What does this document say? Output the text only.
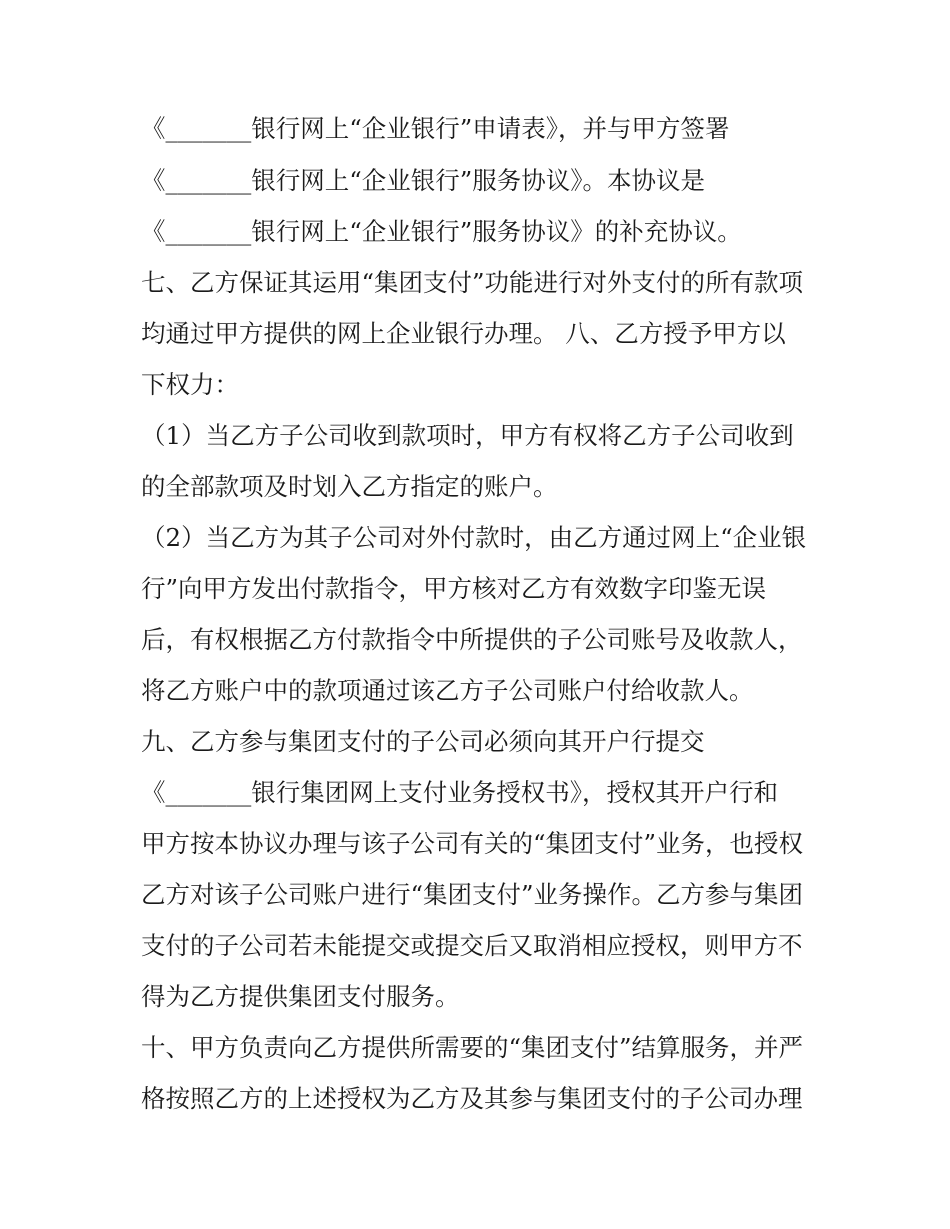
《_______银行网上“企业银行”申请表》，并与甲方签署
《_______银行网上“企业银行”服务协议》。本协议是
《_______银行网上“企业银行”服务协议》的补充协议。
七、乙方保证其运用“集团支付”功能进行对外支付的所有款项
均通过甲方提供的网上企业银行办理。 八、乙方授予甲方以
下权力：
（1）当乙方子公司收到款项时，甲方有权将乙方子公司收到
的全部款项及时划入乙方指定的账户。
（2）当乙方为其子公司对外付款时，由乙方通过网上“企业银
行”向甲方发出付款指令，甲方核对乙方有效数字印鉴无误
后，有权根据乙方付款指令中所提供的子公司账号及收款人，
将乙方账户中的款项通过该乙方子公司账户付给收款人。
九、乙方参与集团支付的子公司必须向其开户行提交
《_______银行集团网上支付业务授权书》，授权其开户行和
甲方按本协议办理与该子公司有关的“集团支付”业务，也授权
乙方对该子公司账户进行“集团支付”业务操作。乙方参与集团
支付的子公司若未能提交或提交后又取消相应授权，则甲方不
得为乙方提供集团支付服务。
十、甲方负责向乙方提供所需要的“集团支付”结算服务，并严
格按照乙方的上述授权为乙方及其参与集团支付的子公司办理
